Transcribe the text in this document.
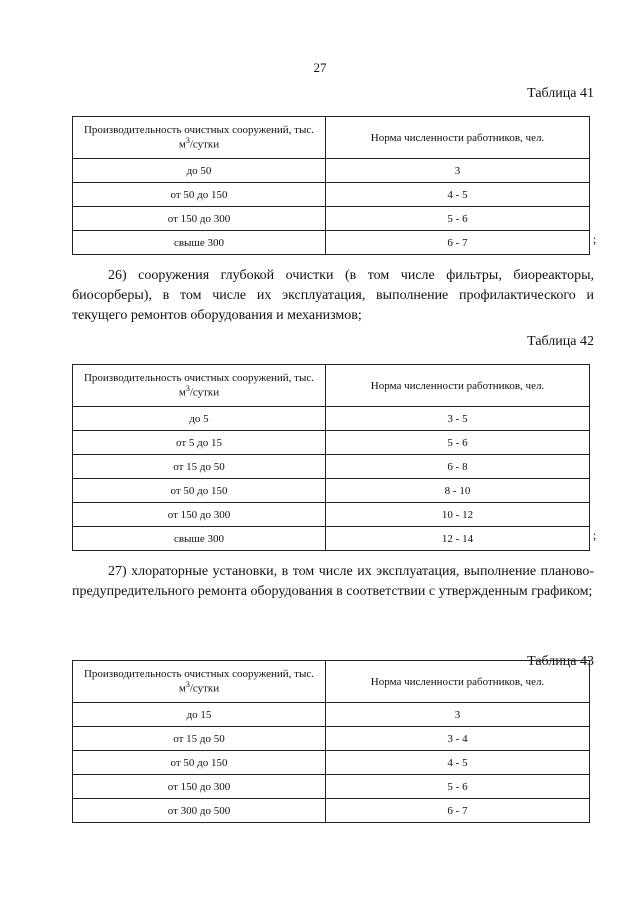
27
Таблица 41
Производительность очистных сооружений, тыс. $м^3$/сутки	Норма численности работников, чел.
до 50	3
от 50 до 150	4 - 5
от 150 до 300	5 - 6
свыше 300	6 - 7	;

26) сооружения глубокой очистки (в том числе фильтры, биореакторы, биосорберы), в том числе их эксплуатация, выполнение профилактического и текущего ремонтов оборудования и механизмов;

Таблица 42
Производительность очистных сооружений, тыс. $м^3$/сутки	Норма численности работников, чел.
до 5	3 - 5
от 5 до 15	5 - 6
от 15 до 50	6 - 8
от 50 до 150	8 - 10
от 150 до 300	10 - 12
свыше 300	12 - 14	;

27) хлораторные установки, в том числе их эксплуатация, выполнение планово-предупредительного ремонта оборудования в соответствии с утвержденным графиком;

Таблица 43
Производительность очистных сооружений, тыс. $м^3$/сутки	Норма численности работников, чел.
до 15	3
от 15 до 50	3 - 4
от 50 до 150	4 - 5
от 150 до 300	5 - 6
от 300 до 500	6 - 7
